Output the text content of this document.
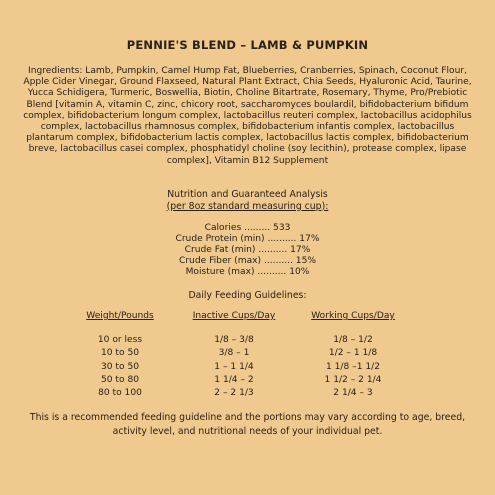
PENNIE'S BLEND – LAMB & PUMPKIN
Ingredients: Lamb, Pumpkin, Camel Hump Fat, Blueberries, Cranberries, Spinach, Coconut Flour, Apple Cider Vinegar, Ground Flaxseed, Natural Plant Extract, Chia Seeds, Hyaluronic Acid, Taurine, Yucca Schidigera, Turmeric, Boswellia, Biotin, Choline Bitartrate, Rosemary, Thyme, Pro/Prebiotic Blend [vitamin A, vitamin C, zinc, chicory root, saccharomyces boulardil, bifidobacterium bifidum complex, bifidobacterium longum complex, lactobacillus reuteri complex, lactobacillus acidophilus complex, lactobacillus rhamnosus complex, bifidobacterium infantis complex, lactobacillus plantarum complex, bifidobacterium lactis complex, lactobacillus lactis complex, bifidobacterium breve, lactobacillus casei complex, phosphatidyl choline (soy lecithin), protease complex, lipase complex], Vitamin B12 Supplement
Nutrition and Guaranteed Analysis
(per 8oz standard measuring cup):
Calories ......... 533
Crude Protein (min) .......... 17%
Crude Fat (min) .......... 17%
Crude Fiber (max) .......... 15%
Moisture (max) .......... 10%
Daily Feeding Guidelines:
Weight/Pounds
10 or less
10 to 50
30 to 50
50 to 80
80 to 100
Inactive Cups/Day
1/8 – 3/8
3/8 – 1
1 – 1 1/4
1 1/4 – 2
2 – 2 1/3
Working Cups/Day
1/8 – 1/2
1/2 – 1 1/8
1 1/8 –1 1/2
1 1/2 – 2 1/4
2 1/4 – 3
This is a recommended feeding guideline and the portions may vary according to age, breed, activity level, and nutritional needs of your individual pet.
